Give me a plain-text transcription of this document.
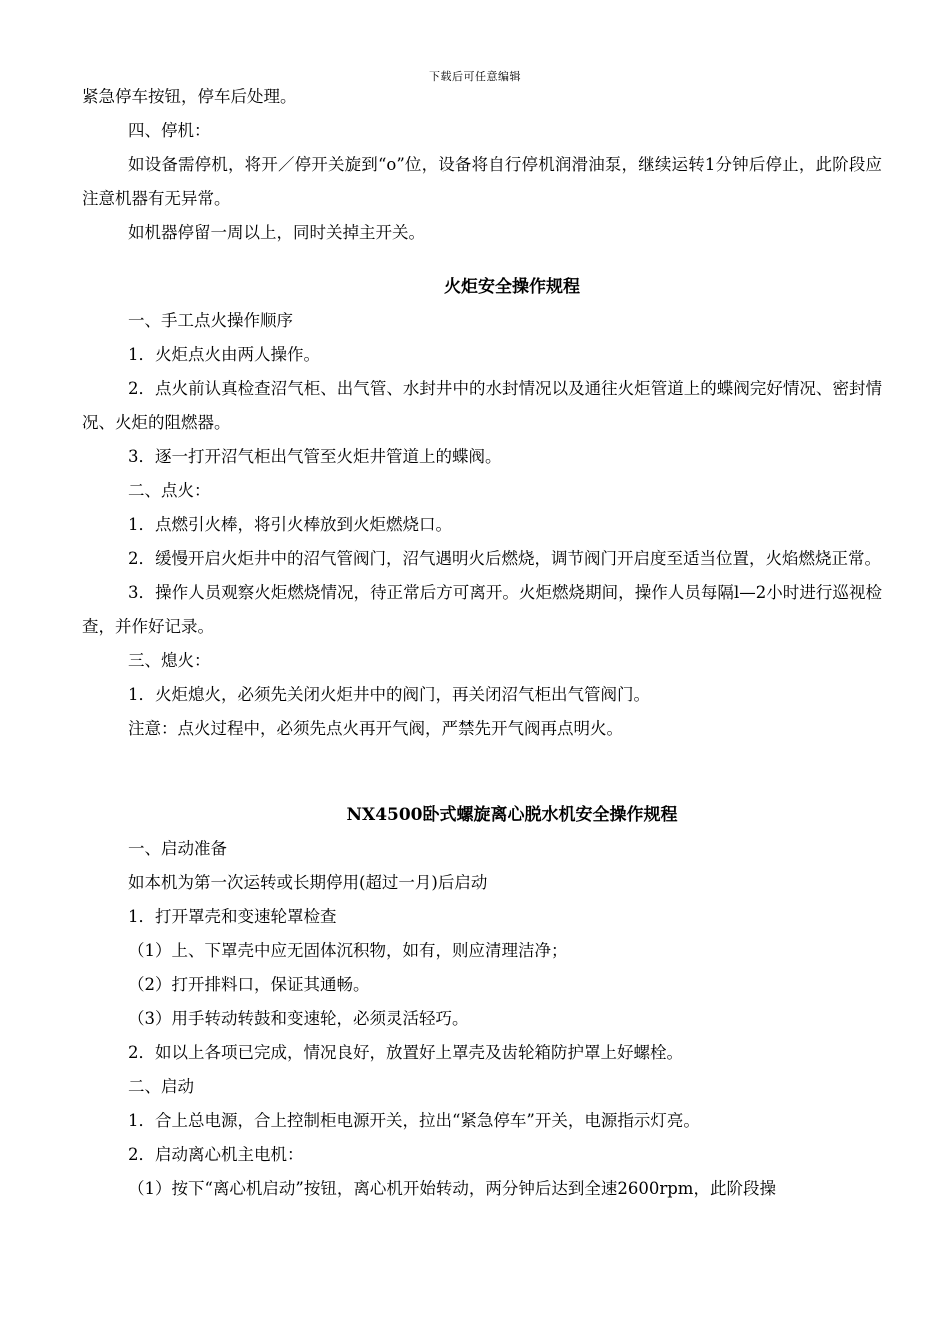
下载后可任意编辑

紧急停车按钮，停车后处理。

四、停机：

如设备需停机，将开／停开关旋到“o”位，设备将自行停机润滑油泵，继续运转1分钟后停止，此阶段应注意机器有无异常。

如机器停留一周以上，同时关掉主开关。

火炬安全操作规程

一、手工点火操作顺序

1．火炬点火由两人操作。

2．点火前认真检查沼气柜、出气管、水封井中的水封情况以及通往火炬管道上的蝶阀完好情况、密封情况、火炬的阻燃器。

3．逐一打开沼气柜出气管至火炬井管道上的蝶阀。

二、点火：

1．点燃引火棒，将引火棒放到火炬燃烧口。

2．缓慢开启火炬井中的沼气管阀门，沼气遇明火后燃烧，调节阀门开启度至适当位置，火焰燃烧正常。

3．操作人员观察火炬燃烧情况，待正常后方可离开。火炬燃烧期间，操作人员每隔l—2小时进行巡视检查，并作好记录。

三、熄火：

1．火炬熄火，必须先关闭火炬井中的阀门，再关闭沼气柜出气管阀门。

注意：点火过程中，必须先点火再开气阀，严禁先开气阀再点明火。

NX4500卧式螺旋离心脱水机安全操作规程

一、启动准备

如本机为第一次运转或长期停用(超过一月)后启动

1．打开罩壳和变速轮罩检查

（1）上、下罩壳中应无固体沉积物，如有，则应清理洁净；

（2）打开排料口，保证其通畅。

（3）用手转动转鼓和变速轮，必须灵活轻巧。

2．如以上各项已完成，情况良好，放置好上罩壳及齿轮箱防护罩上好螺栓。

二、启动

1．合上总电源，合上控制柜电源开关，拉出“紧急停车”开关，电源指示灯亮。

2．启动离心机主电机：

（1）按下“离心机启动”按钮，离心机开始转动，两分钟后达到全速2600rpm，此阶段操
